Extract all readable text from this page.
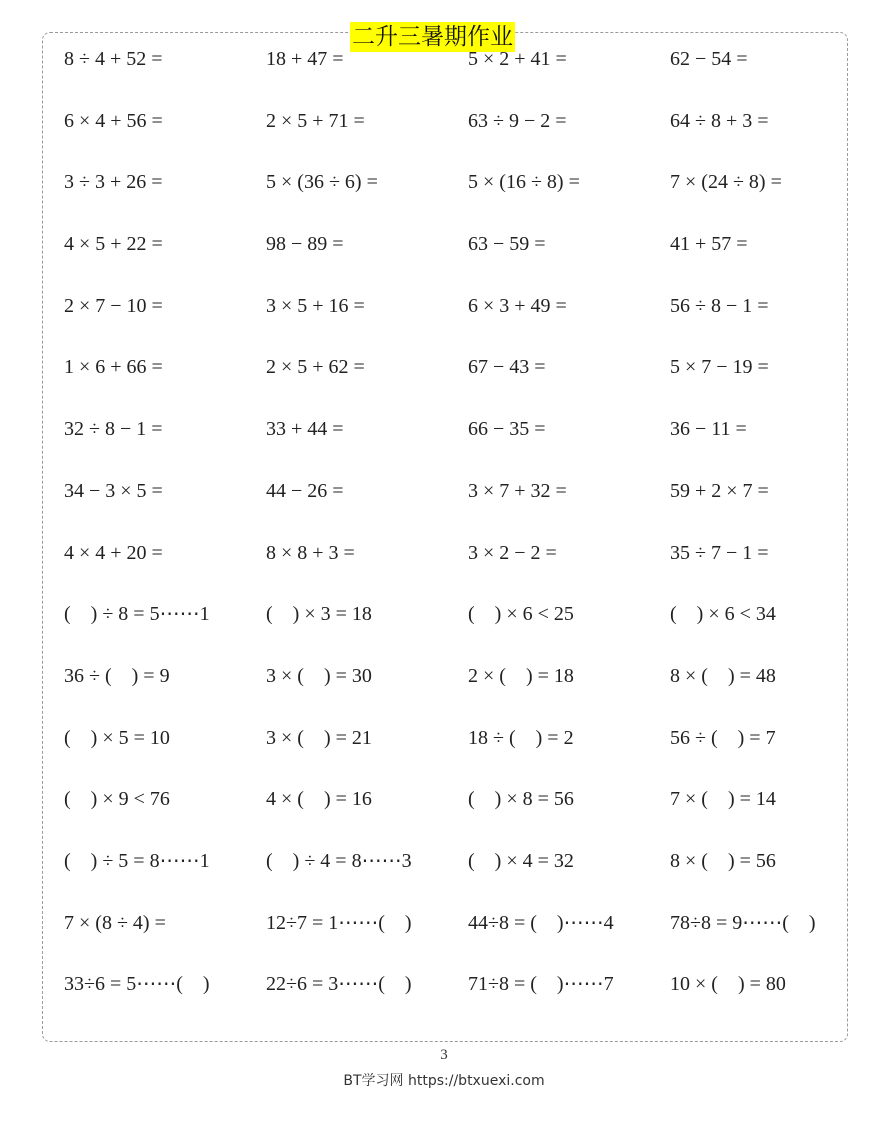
二升三暑期作业
8 ÷ 4 + 52 =	18 + 47 =	5 × 2 + 41 =	62 − 54 =
6 × 4 + 56 =	2 × 5 + 71 =	63 ÷ 9 − 2 =	64 ÷ 8 + 3 =
3 ÷ 3 + 26 =	5 × (36 ÷ 6) =	5 × (16 ÷ 8) =	7 × (24 ÷ 8) =
4 × 5 + 22 =	98 − 89 =	63 − 59 =	41 + 57 =
2 × 7 − 10 =	3 × 5 + 16 =	6 × 3 + 49 =	56 ÷ 8 − 1 =
1 × 6 + 66 =	2 × 5 + 62 =	67 − 43 =	5 × 7 − 19 =
32 ÷ 8 − 1 =	33 + 44 =	66 − 35 =	36 − 11 =
34 − 3 × 5 =	44 − 26 =	3 × 7 + 32 =	59 + 2 × 7 =
4 × 4 + 20 =	8 × 8 + 3 =	3 × 2 − 2 =	35 ÷ 7 − 1 =
(    ) ÷ 8 = 5⋯⋯1	(    ) × 3 = 18	(    ) × 6 < 25	(    ) × 6 < 34
36 ÷ (    ) = 9	3 × (    ) = 30	2 × (    ) = 18	8 × (    ) = 48
(    ) × 5 = 10	3 × (    ) = 21	18 ÷ (    ) = 2	56 ÷ (    ) = 7
(    ) × 9 < 76	4 × (    ) = 16	(    ) × 8 = 56	7 × (    ) = 14
(    ) ÷ 5 = 8⋯⋯1	(    ) ÷ 4 = 8⋯⋯3	(    ) × 4 = 32	8 × (    ) = 56
7 × (8 ÷ 4) =	12÷7 = 1⋯⋯(    )	44÷8 = (    )⋯⋯4	78÷8 = 9⋯⋯(    )
33÷6 = 5⋯⋯(    )	22÷6 = 3⋯⋯(    )	71÷8 = (    )⋯⋯7	10 × (    ) = 80
3
BT学习网 https://btxuexi.com
